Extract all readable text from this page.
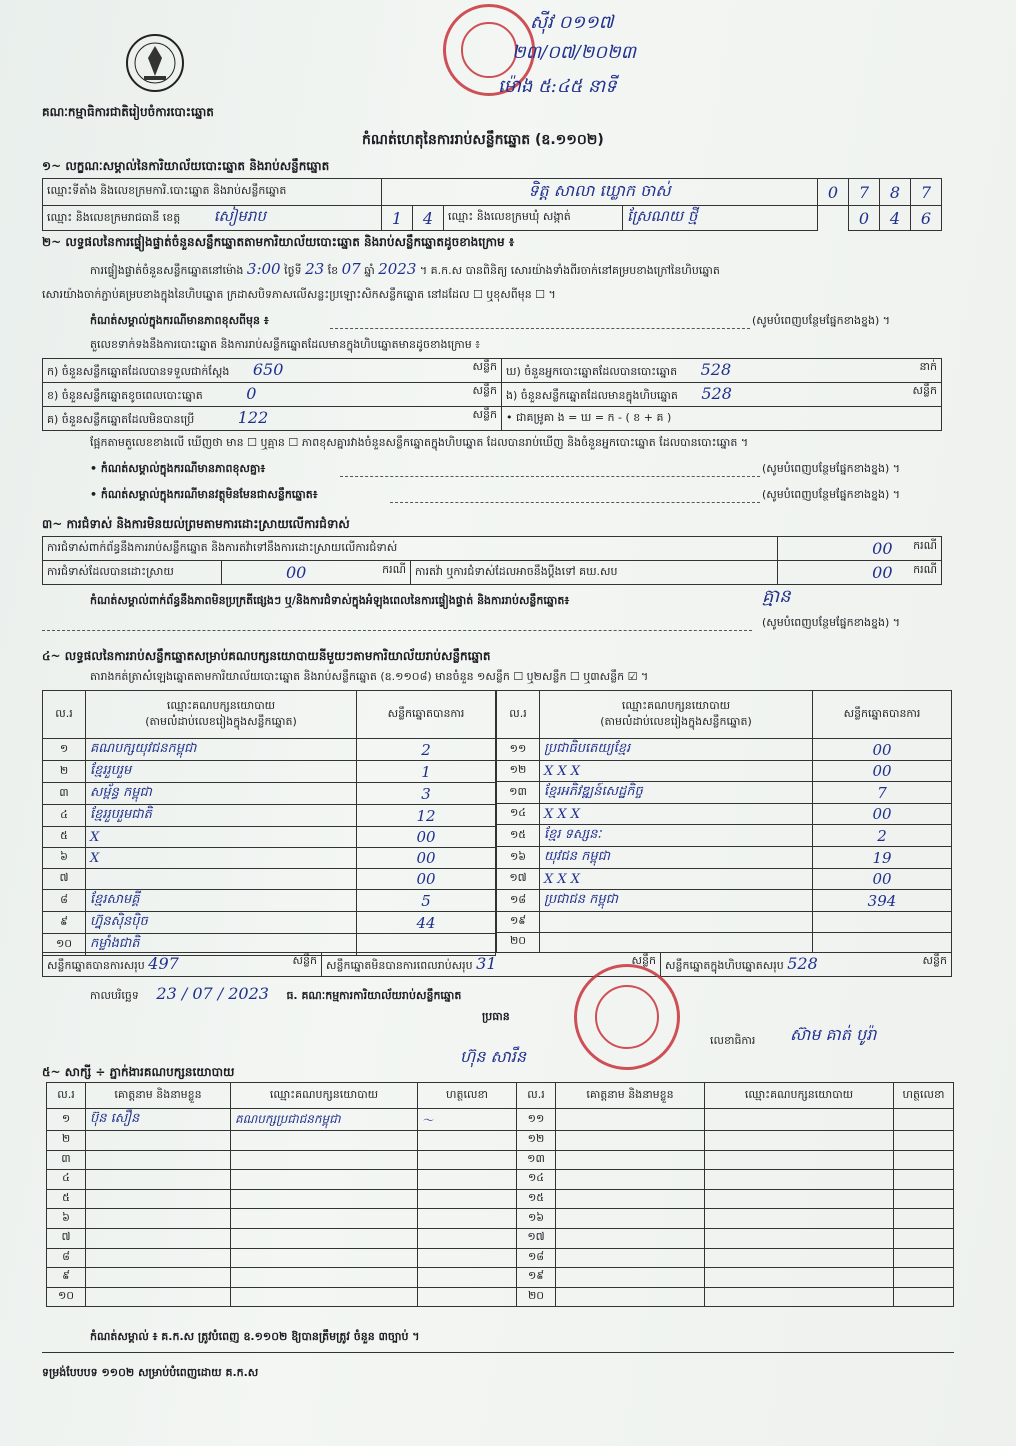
គណៈកម្មាធិការជាតិរៀបចំការបោះឆ្នោត
ស៊ីវ ០១១៧
២៣/០៧/២០២៣
ម៉ោង ៥:៤៥ នាទី
កំណត់ហេតុនៃការរាប់សន្លឹកឆ្នោត (ឧ.១១០២)
១~ លក្ខណៈសម្គាល់នៃការិយាល័យបោះឆ្នោត និងរាប់សន្លឹកឆ្នោត
ឈ្មោះទីតាំង និងលេខក្រមការិ.បោះឆ្នោត និងរាប់សន្លឹកឆ្នោត	ទិត្ត សាលា ឃ្លោក ចាស់				0	7	8	7
ឈ្មោះ និងលេខក្រមរាជធានី ខេត្ត សៀមរាប	1	4	ឈ្មោះ និងលេខក្រមឃុំ សង្កាត់	ស្រែណយ ថ្មី		0	4	6
២~ លទ្ធផលនៃការផ្ទៀងផ្ទាត់ចំនួនសន្លឹកឆ្នោតតាមការិយាល័យបោះឆ្នោត និងរាប់សន្លឹកឆ្នោតដូចខាងក្រោម ៖
ការផ្ទៀងផ្ទាត់ចំនួនសន្លឹកឆ្នោតនៅម៉ោង 3:00 ថ្ងៃទី 23 ខែ 07 ឆ្នាំ 2023 ។ គ.ក.ស បានពិនិត្យ សោរយ៉ាងទាំងពីរចាក់នៅគម្របខាងក្រៅនៃហិបឆ្នោត
សោរយ៉ាងចាក់ភ្ជាប់គម្របខាងក្នុងនៃហិបឆ្នោត ក្រដាសបិទភាសលើសន្លះប្រឡោះសិកសន្លឹកឆ្នោត នៅដដែល ☐ ឬខុសពីមុន ☐ ។
កំណត់សម្គាល់ក្នុងករណីមានភាពខុសពីមុន ៖	(សូមបំពេញបន្ថែមផ្នែកខាងខ្នង) ។
តួលេខទាក់ទងនឹងការបោះឆ្នោត និងការរាប់សន្លឹកឆ្នោតដែលមានក្នុងហិបឆ្នោតមានដូចខាងក្រោម ៖
ក) ចំនួនសន្លឹកឆ្នោតដែលបានទទួលជាក់ស្តែង 650 សន្លឹក	ឃ) ចំនួនអ្នកបោះឆ្នោតដែលបានបោះឆ្នោត 528 នាក់

ខ) ចំនួនសន្លឹកឆ្នោតខូចពេលបោះឆ្នោត 0 សន្លឹក	ង) ចំនួនសន្លឹកឆ្នោតដែលមានក្នុងហិបឆ្នោត 528 សន្លឹក

គ) ចំនួនសន្លឹកឆ្នោតដែលមិនបានប្រើ 122 សន្លឹក	• ជាគម្រូគា ង = ឃ = ក - ( ខ + គ )
ផ្អែកតាមតួលេខខាងលើ ឃើញថា មាន ☐ ឬគ្មាន ☐ ភាពខុសគ្នារវាងចំនួនសន្លឹកឆ្នោតក្នុងហិបឆ្នោត ដែលបានរាប់ឃើញ និងចំនួនអ្នកបោះឆ្នោត ដែលបានបោះឆ្នោត ។
• កំណត់សម្គាល់ក្នុងករណីមានភាពខុសគ្នា៖	(សូមបំពេញបន្ថែមផ្នែកខាងខ្នង) ។
• កំណត់សម្គាល់ក្នុងករណីមានវត្ថុមិនមែនជាសន្លឹកឆ្នោត៖	(សូមបំពេញបន្ថែមផ្នែកខាងខ្នង) ។
៣~ ការជំទាស់ និងការមិនយល់ព្រមតាមការដោះស្រាយលើការជំទាស់
ការជំទាស់ពាក់ព័ន្ធនឹងការរាប់សន្លឹកឆ្នោត និងការតវ៉ាទៅនឹងការដោះស្រាយលើការជំទាស់			00 ករណី

ការជំទាស់ដែលបានដោះស្រាយ	00 ករណី	ការតវ៉ា ឬការជំទាស់ដែលអាចនឹងប្តឹងទៅ គឃ.សប	00 ករណី
កំណត់សម្គាល់ពាក់ព័ន្ធនឹងភាពមិនប្រក្រតីផ្សេងៗ ឬ/និងការជំទាស់ក្នុងអំឡុងពេលនៃការផ្ទៀងផ្ទាត់ និងការរាប់សន្លឹកឆ្នោត៖	គ្មាន
(សូមបំពេញបន្ថែមផ្នែកខាងខ្នង) ។
៤~ លទ្ធផលនៃការរាប់សន្លឹកឆ្នោតសម្រាប់គណបក្សនយោបាយនីមួយៗតាមការិយាល័យរាប់សន្លឹកឆ្នោត
តារាងកត់ត្រាសំឡេងឆ្នោតតាមការិយាល័យបោះឆ្នោត និងរាប់សន្លឹកឆ្នោត (ឧ.១១០៨) មានចំនួន ១សន្លឹក ☐ ឬ២សន្លឹក ☐ ឬ៣សន្លឹក ☑ ។
ល.រ	ឈ្មោះគណបក្សនយោបាយ
(តាមលំដាប់លេខរៀងក្នុងសន្លឹកឆ្នោត)	សន្លឹកឆ្នោតបានការ
១	គណបក្សយុវជនកម្ពុជា	2
២	ខ្មែររួបរួម	1
៣	សម្ព័ន្ធ កម្ពុជា	3
៤	ខ្មែររួបរួមជាតិ	12
៥	X	00
៦	X	00
៧		00
៨	ខ្មែរសាមគ្គី	5
៩	ហ្វ៊ុនស៊ិនប៉ិច	44
១០	កម្លាំងជាតិ	
ល.រ	ឈ្មោះគណបក្សនយោបាយ
(តាមលំដាប់លេខរៀងក្នុងសន្លឹកឆ្នោត)	សន្លឹកឆ្នោតបានការ
១១	ប្រជាធិបតេយ្យខ្មែរ	00
១២	X X X	00
១៣	ខ្មែរអភិវឌ្ឍន៍សេដ្ឋកិច្ច	7
១៤	X X X	00
១៥	ខ្មែរ ទស្សនៈ	2
១៦	យុវជន កម្ពុជា	19
១៧	X X X	00
១៨	ប្រជាជន កម្ពុជា	394
១៩		
២០		
សន្លឹកឆ្នោតបានការសរុប 497	សន្លឹក	សន្លឹកឆ្នោតមិនបានការពេលរាប់សរុប 31	សន្លឹក	សន្លឹកឆ្នោតក្នុងហិបឆ្នោតសរុប 528	សន្លឹក
កាលបរិច្ឆេទ 23 / 07 / 2023 ធ. គណៈកម្មការការិយាល័យរាប់សន្លឹកឆ្នោត
ប្រធាន
ហ៊ុន សារឹន
លេខាធិការ ស៊ាម គាត់ បូរ៉ា
៥~ សាក្សី ÷ ភ្នាក់ងារគណបក្សនយោបាយ
ល.រ	គោត្តនាម និងនាមខ្លួន	ឈ្មោះគណបក្សនយោបាយ	ហត្ថលេខា	ល.រ	គោត្តនាម និងនាមខ្លួន	ឈ្មោះគណបក្សនយោបាយ	ហត្ថលេខា
១	ប៊ុន សឿន	គណបក្សប្រជាជនកម្ពុជា	～	១១			
២				១២			
៣				១៣			
៤				១៤			
៥				១៥			
៦				១៦			
៧				១៧			
៨				១៨			
៩				១៩			
១០				២០			
កំណត់សម្គាល់ ៖ គ.ក.ស ត្រូវបំពេញ ឧ.១១០២ ឱ្យបានត្រឹមត្រូវ ចំនួន ៣ច្បាប់ ។
ទម្រង់បែបបទ ១១០២ សម្រាប់បំពេញដោយ គ.ក.ស
